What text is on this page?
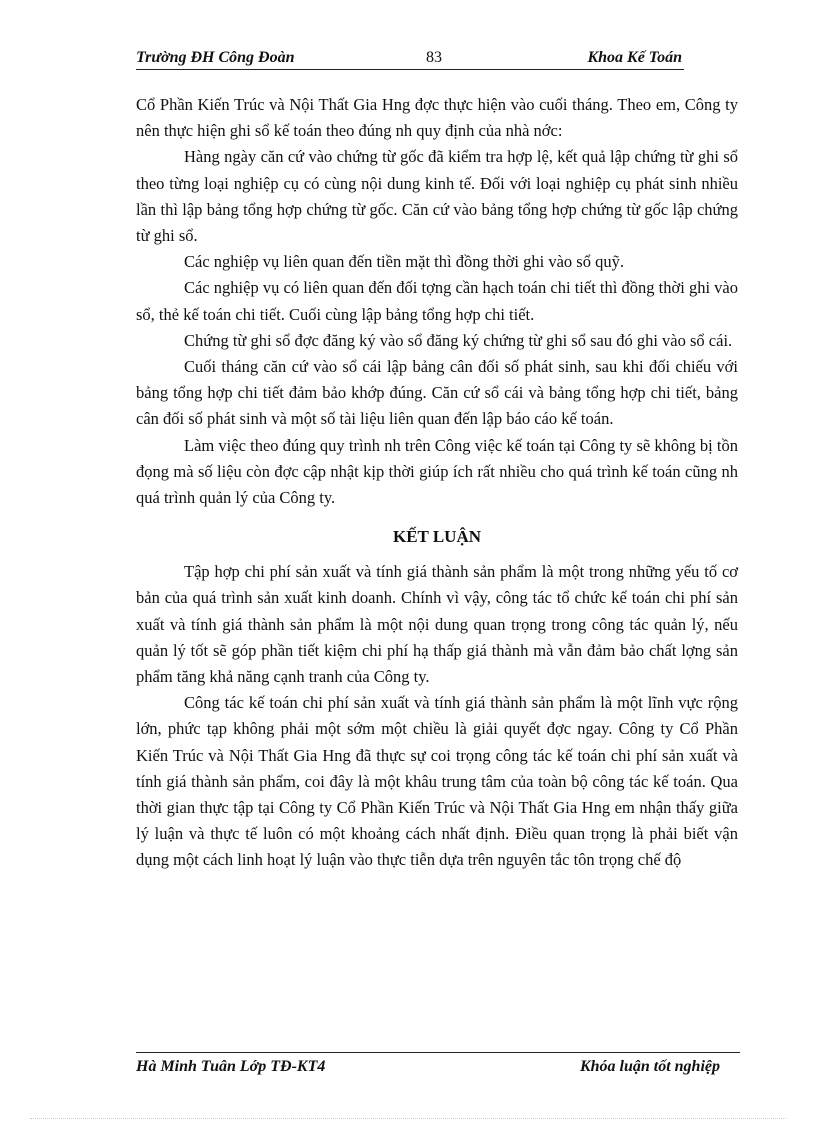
Trường ĐH Công Đoàn	83	Khoa Kế Toán

Cổ Phần Kiến Trúc và Nội Thất Gia Hng đợc thực hiện vào cuối tháng. Theo em, Công ty nên thực hiện ghi sổ kế toán theo đúng nh quy định của nhà nớc:

Hàng ngày căn cứ vào chứng từ gốc đã kiểm tra hợp lệ, kết quả lập chứng từ ghi sổ theo từng loại nghiệp cụ có cùng nội dung kinh tế. Đối với loại nghiệp cụ phát sinh nhiều lần thì lập bảng tổng hợp chứng từ gốc. Căn cứ vào bảng tổng hợp chứng từ gốc lập chứng từ ghi sổ.

Các nghiệp vụ liên quan đến tiền mặt thì đồng thời ghi vào sổ quỹ.

Các nghiệp vụ có liên quan đến đối tợng cần hạch toán chi tiết thì đồng thời ghi vào sổ, thẻ kế toán chi tiết. Cuối cùng lập bảng tổng hợp chi tiết.

Chứng từ ghi sổ đợc đăng ký vào sổ đăng ký chứng từ ghi sổ sau đó ghi vào sổ cái.

Cuối tháng căn cứ vào sổ cái lập bảng cân đối số phát sinh, sau khi đối chiếu với bảng tổng hợp chi tiết đảm bảo khớp đúng. Căn cứ sổ cái và bảng tổng hợp chi tiết, bảng cân đối số phát sinh và một số tài liệu liên quan đến lập báo cáo kế toán.

Làm việc theo đúng quy trình nh trên Công việc kế toán tại Công ty sẽ không bị tồn đọng mà số liệu còn đợc cập nhật kịp thời giúp ích rất nhiều cho quá trình kế toán cũng nh quá trình quản lý của Công ty.

KẾT LUẬN

Tập hợp chi phí sản xuất và tính giá thành sản phẩm là một trong những yếu tố cơ bản của quá trình sản xuất kinh doanh. Chính vì vậy, công tác tổ chức kế toán chi phí sản xuất và tính giá thành sản phẩm là một nội dung quan trọng trong công tác quản lý, nếu quản lý tốt sẽ góp phần tiết kiệm chi phí hạ thấp giá thành mà vẫn đảm bảo chất lợng sản phẩm tăng khả năng cạnh tranh của Công ty.

Công tác kế toán chi phí sản xuất và tính giá thành sản phẩm là một lĩnh vực rộng lớn, phức tạp không phải một sớm một chiều là giải quyết đợc ngay. Công ty Cổ Phần Kiến Trúc và Nội Thất Gia Hng đã thực sự coi trọng công tác kế toán chi phí sản xuất và tính giá thành sản phẩm, coi đây là một khâu trung tâm của toàn bộ công tác kế toán. Qua thời gian thực tập tại Công ty Cổ Phần Kiến Trúc và Nội Thất Gia Hng em nhận thấy giữa lý luận và thực tế luôn có một khoảng cách nhất định. Điều quan trọng là phải biết vận dụng một cách linh hoạt lý luận vào thực tiễn dựa trên nguyên tắc tôn trọng chế độ

Hà Minh Tuân Lớp TĐ-KT4	Khóa luận tốt nghiệp
